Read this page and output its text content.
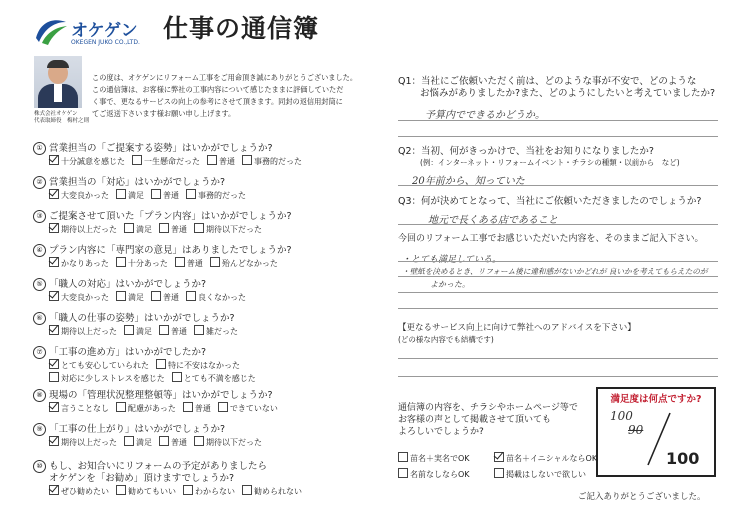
オケゲン
OKEGEN JUKO CO.,LTD. 仕事の通信簿
株式会社オケゲン
代表取締役　梅村之則
この度は、オケゲンにリフォーム工事をご用命頂き誠にありがとうございました。
この通信簿は、お客様に弊社の工事内容について感じたままに評価していただ
く事で、更なるサービスの向上の参考にさせて頂きます。同封の返信用封筒に
てご返送下さいます様お願い申し上げます。
① 営業担当の「ご提案する姿勢」はいかがでしょうか?
十分誠意を感じた 一生懸命だった 普通 事務的だった
② 営業担当の「対応」はいかがでしょうか?
大変良かった 満足 普通 事務的だった
③ ご提案させて頂いた「プラン内容」はいかがでしょうか?
期待以上だった 満足 普通 期待以下だった
④ プラン内容に「専門家の意見」はありましたでしょうか?
かなりあった 十分あった 普通 殆んどなかった
⑤ 「職人の対応」はいかがでしょうか?
大変良かった 満足 普通 良くなかった
⑥ 「職人の仕事の姿勢」はいかがでしょうか?
期待以上だった 満足 普通 雑だった
⑦ 「工事の進め方」はいかがでしたか?
とても安心していられた 特に不安はなかった
対応に少しストレスを感じた とても不満を感じた
⑧ 現場の「管理状況整理整頓等」はいかがでしょうか?
言うことなし 配慮があった 普通 できていない
⑨ 「工事の仕上がり」はいかがでしょうか?
期待以上だった 満足 普通 期待以下だった
⑩ もし、お知合いにリフォームの予定がありましたら
オケゲンを「お勧め」頂けますでしょうか?
ぜひ勧めたい 勧めてもいい わからない 勧められない
Q1：当社にご依頼いただく前は、どのような事が不安で、どのような
お悩みがありましたか?また、どのようにしたいと考えていましたか?
予算内でできるかどうか。
Q2：当初、何がきっかけで、当社をお知りになりましたか?
(例：インターネット・リフォームイベント・チラシの種類・以前から　など)
20年前から、知っていた
Q3：何が決めてとなって、当社にご依頼いただきましたのでしょうか?
地元で長くある店であること
今回のリフォーム工事でお感じいただいた内容を、そのままご記入下さい。
・とても満足している。
・壁紙を決めるとき、リフォーム後に違和感がないかどれが 良いかを考えてもらえたのが
よかった。
【更なるサービス向上に向けて弊社へのアドバイスを下さい】
(どの様な内容でも結構です)
通信簿の内容を、チラシやホームページ等で
お客様の声として掲載させて頂いても
よろしいでしょうか?
苗名＋実名でOK	苗名＋イニシャルならOK
名前なしならOK	掲載はしないで欲しい
満足度は何点ですか?
100
90
100
ご記入ありがとうございました。
